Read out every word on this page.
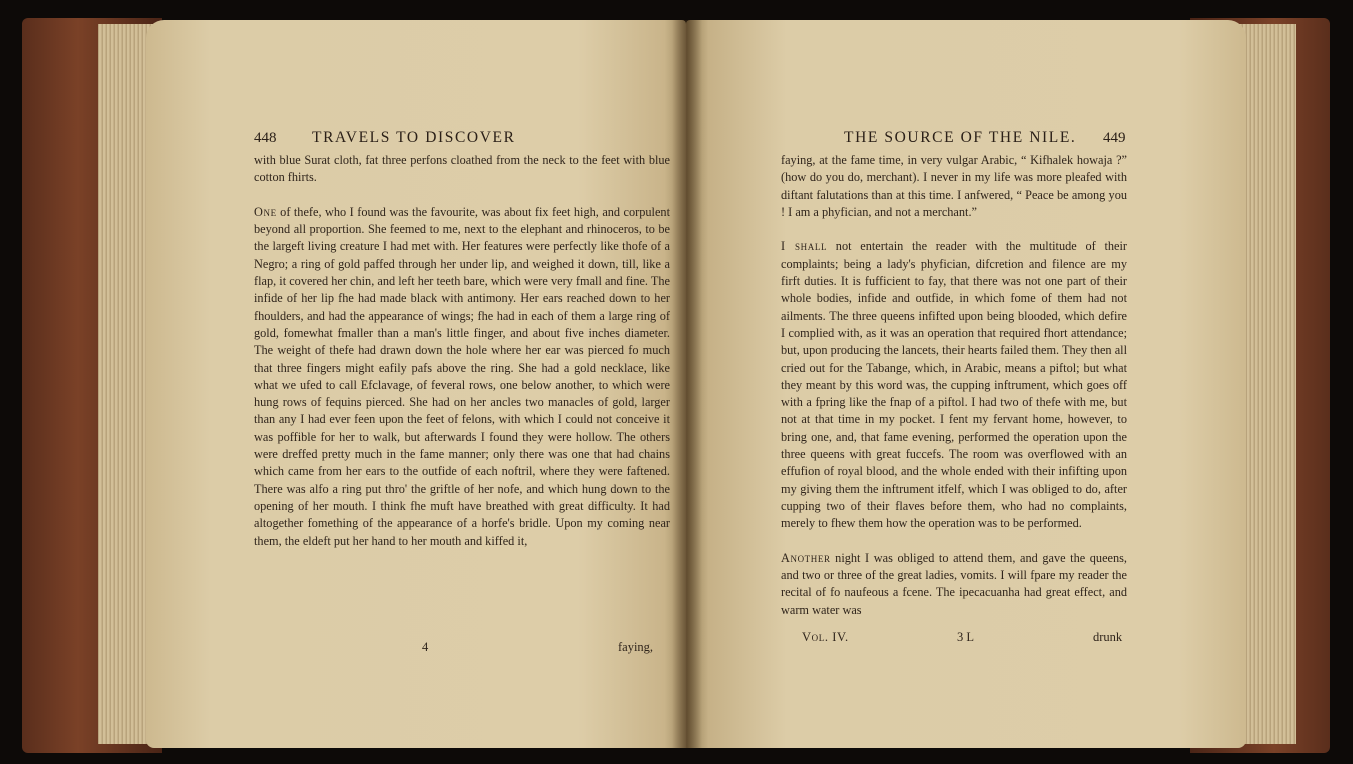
448 TRAVELS TO DISCOVER

with blue Surat cloth, fat three perfons cloathed from the neck to the feet with blue cotton fhirts.

One of thefe, who I found was the favourite, was about fix feet high, and corpulent beyond all proportion. She feemed to me, next to the elephant and rhinoceros, to be the largeft living creature I had met with. Her features were perfectly like thofe of a Negro; a ring of gold paffed through her under lip, and weighed it down, till, like a flap, it covered her chin, and left her teeth bare, which were very fmall and fine. The infide of her lip fhe had made black with antimony. Her ears reached down to her fhoulders, and had the appearance of wings; fhe had in each of them a large ring of gold, fomewhat fmaller than a man's little finger, and about five inches diameter. The weight of thefe had drawn down the hole where her ear was pierced fo much that three fingers might eafily pafs above the ring. She had a gold necklace, like what we ufed to call Efclavage, of feveral rows, one below another, to which were hung rows of fequins pierced. She had on her ancles two manacles of gold, larger than any I had ever feen upon the feet of felons, with which I could not conceive it was poffible for her to walk, but afterwards I found they were hollow. The others were dreffed pretty much in the fame manner; only there was one that had chains which came from her ears to the outfide of each noftril, where they were faftened. There was alfo a ring put thro' the griftle of her nofe, and which hung down to the opening of her mouth. I think fhe muft have breathed with great difficulty. It had altogether fomething of the appearance of a horfe's bridle. Upon my coming near them, the eldeft put her hand to her mouth and kiffed it,

4	faying,
THE SOURCE OF THE NILE. 449

faying, at the fame time, in very vulgar Arabic, “ Kifhalek howaja ?” (how do you do, merchant). I never in my life was more pleafed with diftant falutations than at this time. I anfwered, “ Peace be among you ! I am a phyfician, and not a merchant.”

I shall not entertain the reader with the multitude of their complaints; being a lady's phyfician, difcretion and filence are my firft duties. It is fufficient to fay, that there was not one part of their whole bodies, infide and outfide, in which fome of them had not ailments. The three queens infifted upon being blooded, which defire I complied with, as it was an operation that required fhort attendance; but, upon producing the lancets, their hearts failed them. They then all cried out for the Tabange, which, in Arabic, means a piftol; but what they meant by this word was, the cupping inftrument, which goes off with a fpring like the fnap of a piftol. I had two of thefe with me, but not at that time in my pocket. I fent my fervant home, however, to bring one, and, that fame evening, performed the operation upon the three queens with great fuccefs. The room was overflowed with an effufion of royal blood, and the whole ended with their infifting upon my giving them the inftrument itfelf, which I was obliged to do, after cupping two of their flaves before them, who had no complaints, merely to fhew them how the operation was to be performed.

Another night I was obliged to attend them, and gave the queens, and two or three of the great ladies, vomits. I will fpare my reader the recital of fo naufeous a fcene. The ipecacuanha had great effect, and warm water was

Vol. IV.	3 L	drunk
